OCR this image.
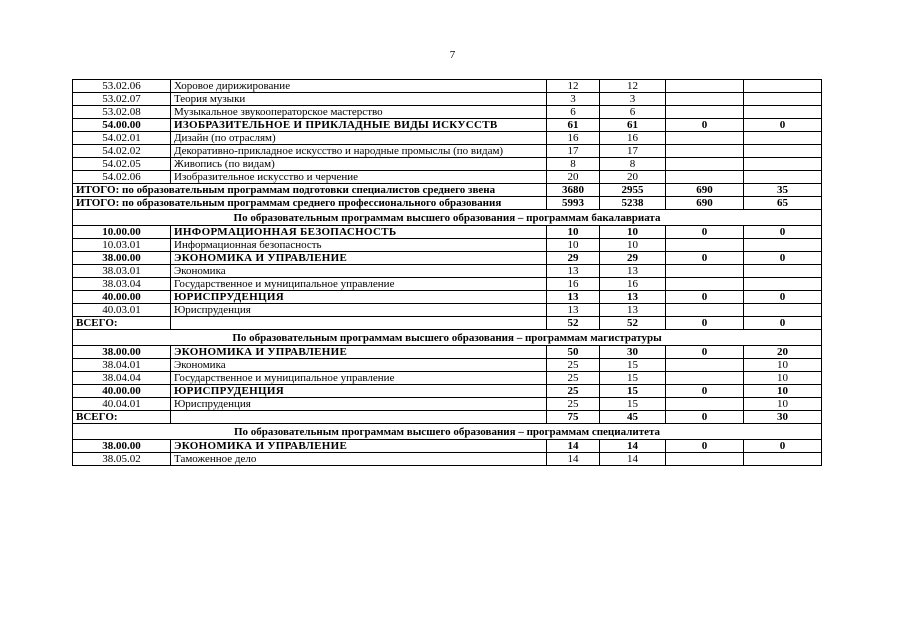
7
53.02.06	Хоровое дирижирование	12	12		
53.02.07	Теория музыки	3	3		
53.02.08	Музыкальное звукооператорское мастерство	6	6		
54.00.00	ИЗОБРАЗИТЕЛЬНОЕ И ПРИКЛАДНЫЕ ВИДЫ ИСКУССТВ	61	61	0	0
54.02.01	Дизайн (по отраслям)	16	16		
54.02.02	Декоративно-прикладное искусство и народные промыслы (по видам)	17	17		
54.02.05	Живопись (по видам)	8	8		
54.02.06	Изобразительное искусство и черчение	20	20		
ИТОГО: по образовательным программам подготовки специалистов среднего звена		3680	2955	690	35
ИТОГО: по образовательным программам среднего профессионального образования		5993	5238	690	65
По образовательным программам высшего образования – программам бакалавриата					
10.00.00	ИНФОРМАЦИОННАЯ БЕЗОПАСНОСТЬ	10	10	0	0
10.03.01	Информационная безопасность	10	10		
38.00.00	ЭКОНОМИКА И УПРАВЛЕНИЕ	29	29	0	0
38.03.01	Экономика	13	13		
38.03.04	Государственное и муниципальное управление	16	16		
40.00.00	ЮРИСПРУДЕНЦИЯ	13	13	0	0
40.03.01	Юриспруденция	13	13		
ВСЕГО:		52	52	0	0
По образовательным программам высшего образования – программам магистратуры					
38.00.00	ЭКОНОМИКА И УПРАВЛЕНИЕ	50	30	0	20
38.04.01	Экономика	25	15		10
38.04.04	Государственное и муниципальное управление	25	15		10
40.00.00	ЮРИСПРУДЕНЦИЯ	25	15	0	10
40.04.01	Юриспруденция	25	15		10
ВСЕГО:		75	45	0	30
По образовательным программам высшего образования – программам специалитета					
38.00.00	ЭКОНОМИКА И УПРАВЛЕНИЕ	14	14	0	0
38.05.02	Таможенное дело	14	14		
